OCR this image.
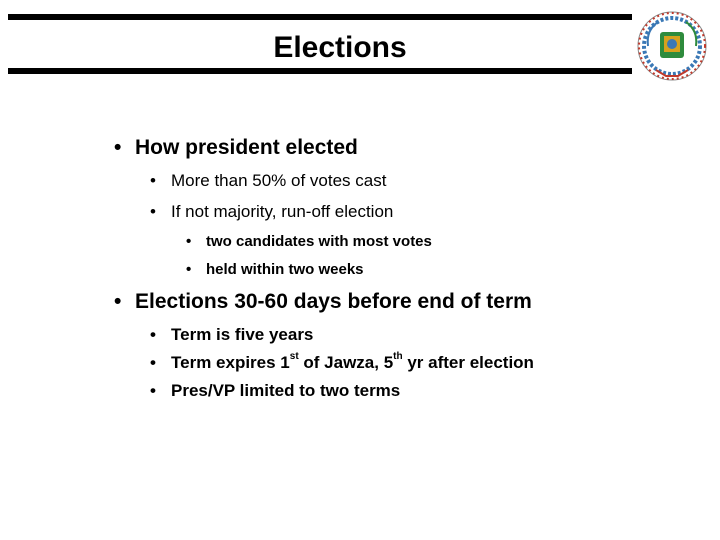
Elections
• How president elected
• More than 50% of votes cast
• If not majority, run-off election
• two candidates with most votes
• held within two weeks
• Elections 30-60 days before end of term
• Term is five years
• Term expires 1st of Jawza, 5th yr after election
• Pres/VP limited to two terms
